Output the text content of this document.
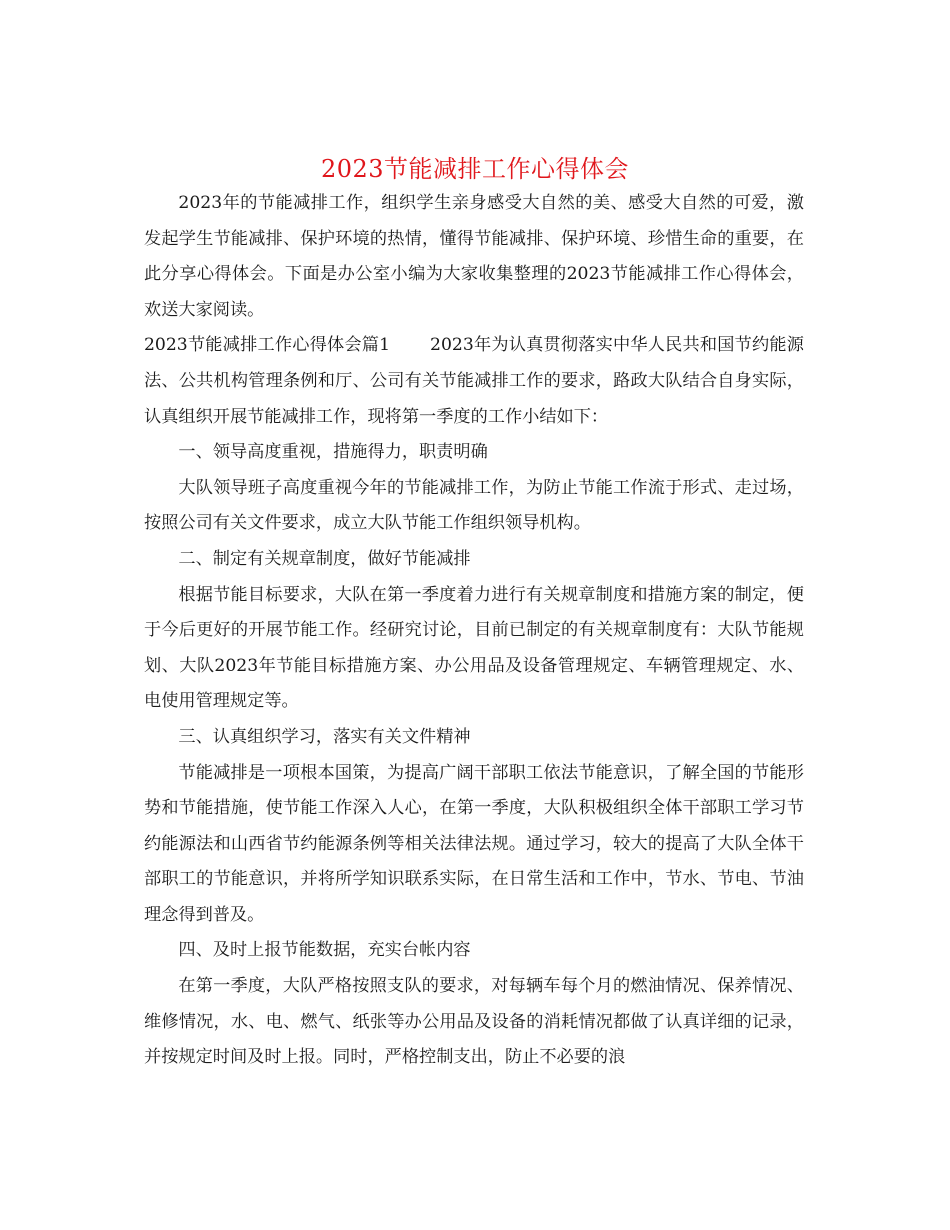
2023节能减排工作心得体会

2023年的节能减排工作，组织学生亲身感受大自然的美、感受大自然的可爱，激发起学生节能减排、保护环境的热情，懂得节能减排、保护环境、珍惜生命的重要，在此分享心得体会。下面是办公室小编为大家收集整理的2023节能减排工作心得体会，欢送大家阅读。

2023节能减排工作心得体会篇1 2023年为认真贯彻落实中华人民共和国节约能源法、公共机构管理条例和厅、公司有关节能减排工作的要求，路政大队结合自身实际，认真组织开展节能减排工作，现将第一季度的工作小结如下：

一、领导高度重视，措施得力，职责明确

大队领导班子高度重视今年的节能减排工作，为防止节能工作流于形式、走过场，按照公司有关文件要求，成立大队节能工作组织领导机构。

二、制定有关规章制度，做好节能减排

根据节能目标要求，大队在第一季度着力进行有关规章制度和措施方案的制定，便于今后更好的开展节能工作。经研究讨论，目前已制定的有关规章制度有：大队节能规划、大队2023年节能目标措施方案、办公用品及设备管理规定、车辆管理规定、水、电使用管理规定等。

三、认真组织学习，落实有关文件精神

节能减排是一项根本国策，为提高广阔干部职工依法节能意识，了解全国的节能形势和节能措施，使节能工作深入人心，在第一季度，大队积极组织全体干部职工学习节约能源法和山西省节约能源条例等相关法律法规。通过学习，较大的提高了大队全体干部职工的节能意识，并将所学知识联系实际，在日常生活和工作中，节水、节电、节油理念得到普及。

四、及时上报节能数据，充实台帐内容

在第一季度，大队严格按照支队的要求，对每辆车每个月的燃油情况、保养情况、维修情况，水、电、燃气、纸张等办公用品及设备的消耗情况都做了认真详细的记录，并按规定时间及时上报。同时，严格控制支出，防止不必要的浪
